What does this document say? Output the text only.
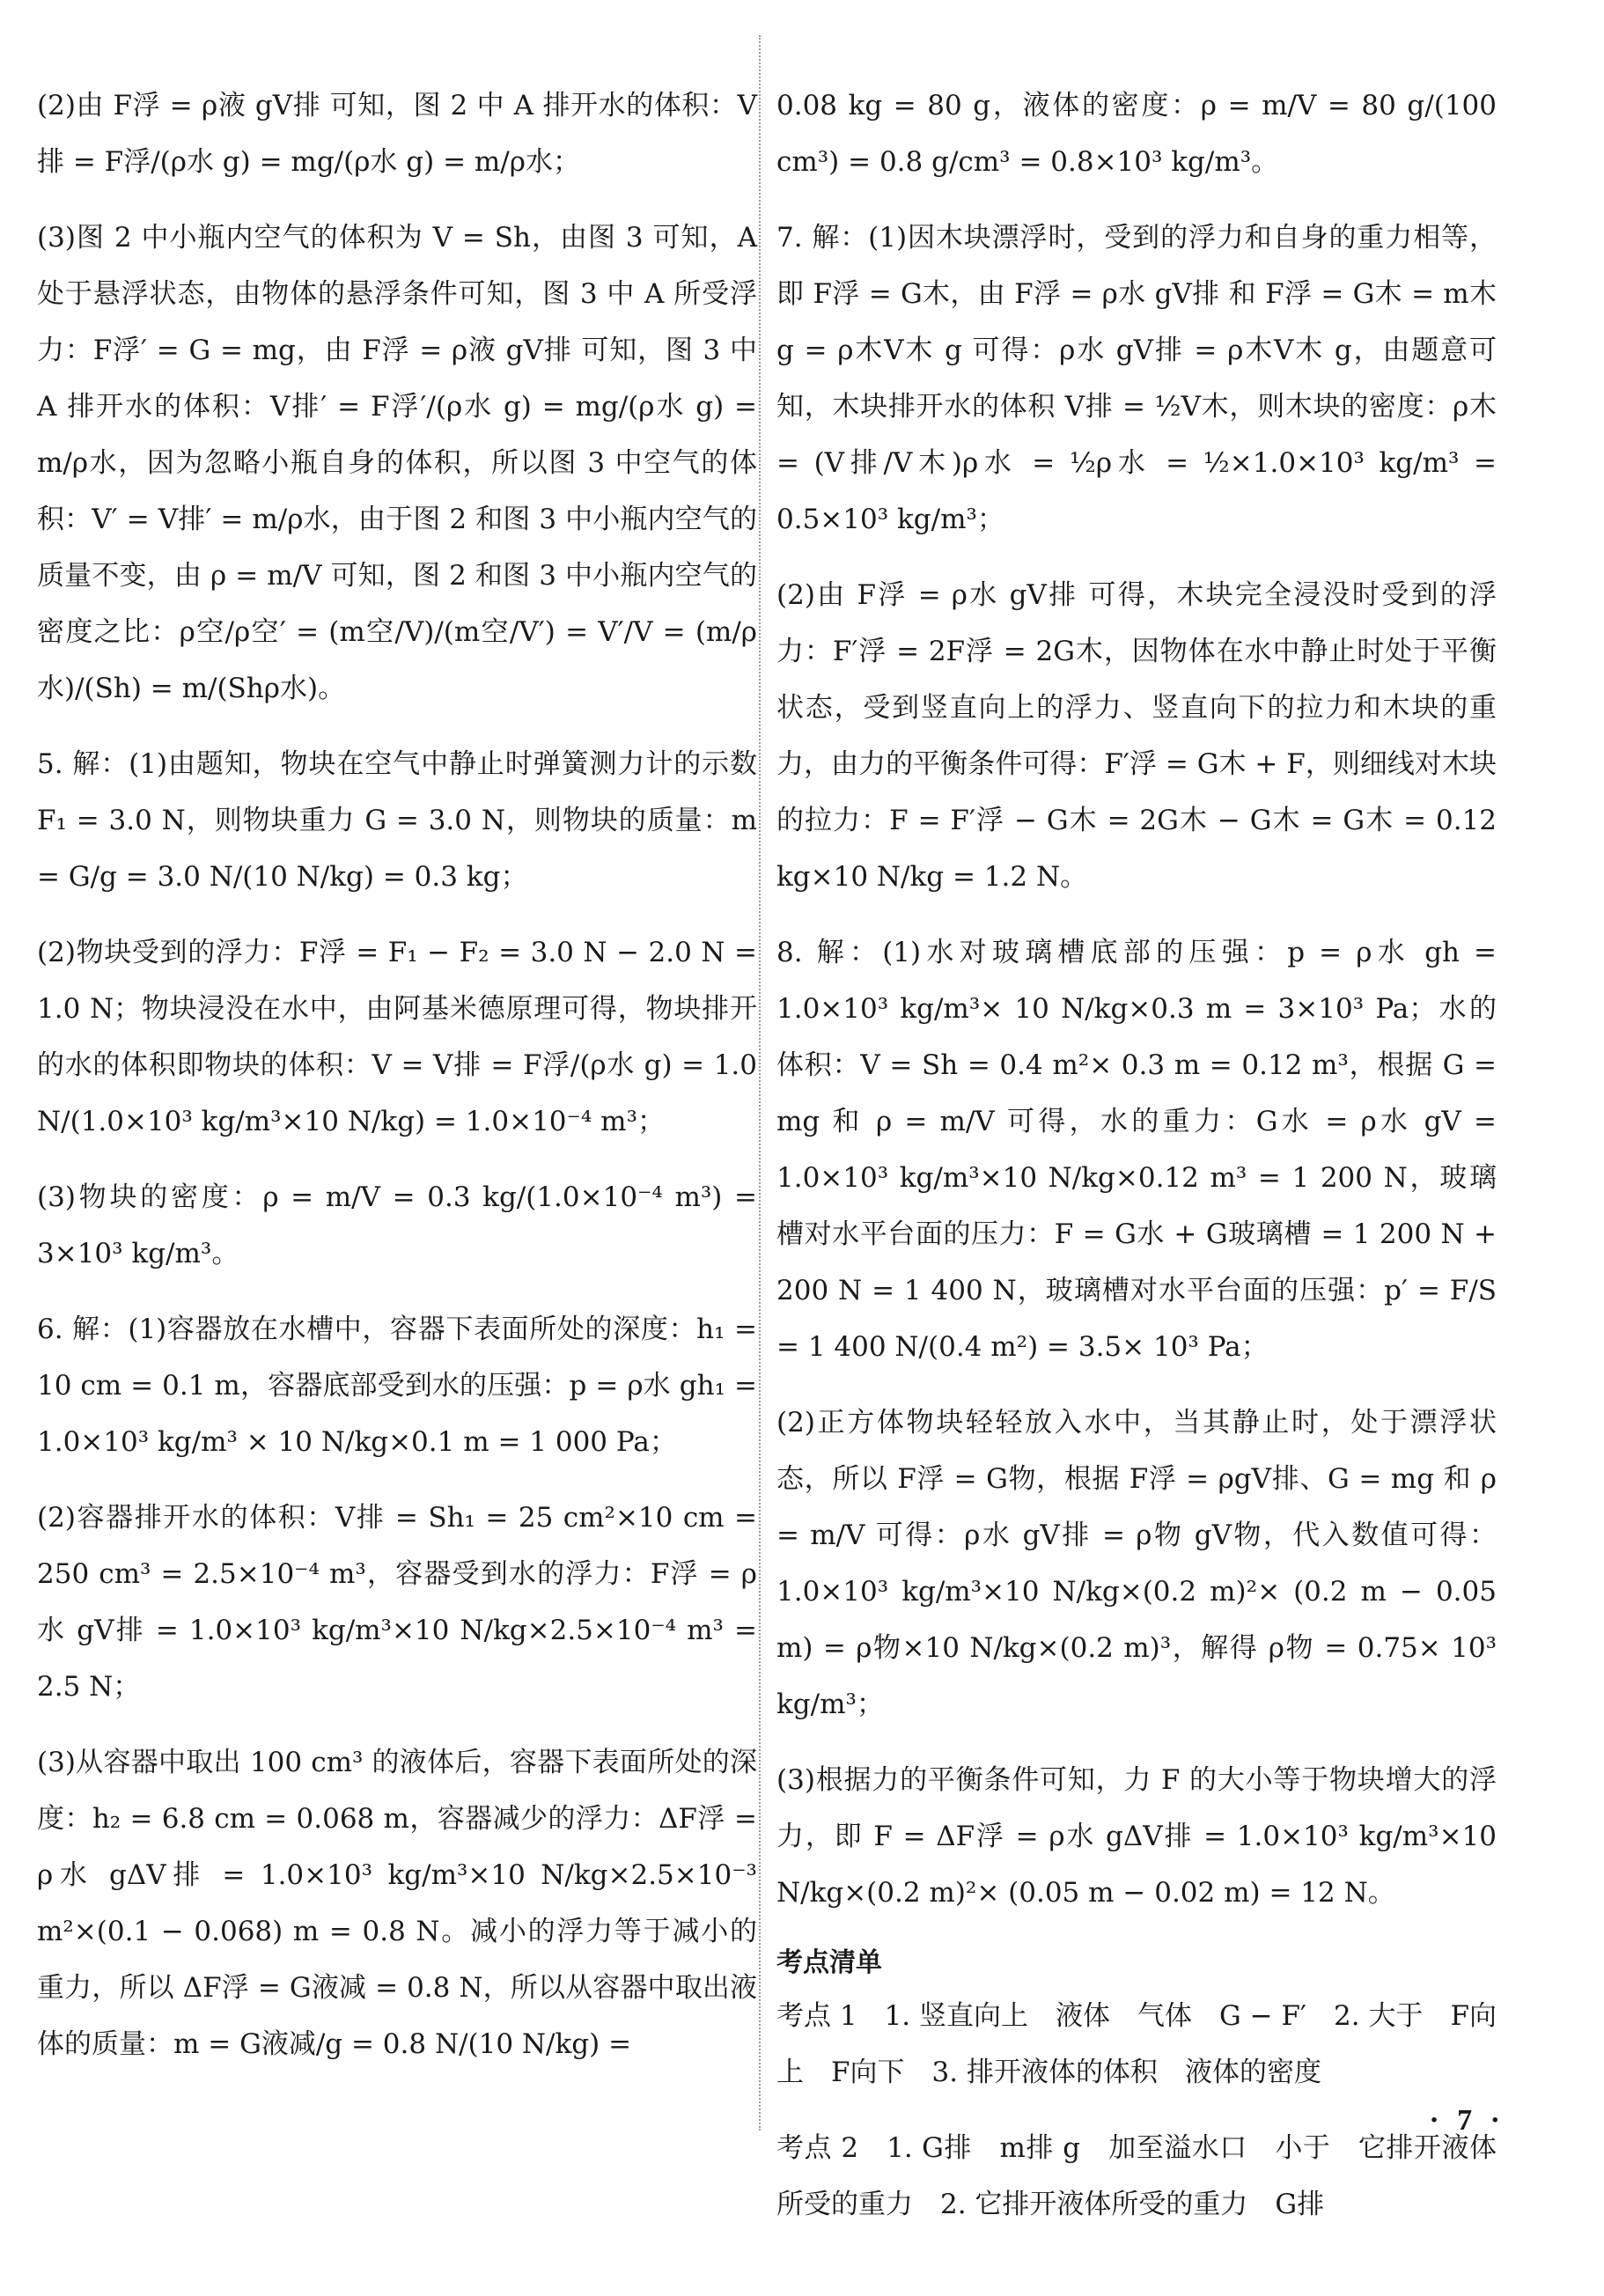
(2)由 F浮 = ρ液 gV排 可知，图 2 中 A 排开水的体积：V排 = F浮/(ρ水 g) = mg/(ρ水 g) = m/ρ水；

(3)图 2 中小瓶内空气的体积为 V = Sh，由图 3 可知，A 处于悬浮状态，由物体的悬浮条件可知，图 3 中 A 所受浮力：F浮′ = G = mg，由 F浮 = ρ液 gV排 可知，图 3 中 A 排开水的体积：V排′ = F浮′/(ρ水 g) = mg/(ρ水 g) = m/ρ水，因为忽略小瓶自身的体积，所以图 3 中空气的体积：V′ = V排′ = m/ρ水，由于图 2 和图 3 中小瓶内空气的质量不变，由 ρ = m/V 可知，图 2 和图 3 中小瓶内空气的密度之比：ρ空/ρ空′ = (m空/V)/(m空/V′) = V′/V = (m/ρ水)/(Sh) = m/(Shρ水)。

5. 解：(1)由题知，物块在空气中静止时弹簧测力计的示数 F₁ = 3.0 N，则物块重力 G = 3.0 N，则物块的质量：m = G/g = 3.0 N/(10 N/kg) = 0.3 kg；

(2)物块受到的浮力：F浮 = F₁ − F₂ = 3.0 N − 2.0 N = 1.0 N；物块浸没在水中，由阿基米德原理可得，物块排开的水的体积即物块的体积：V = V排 = F浮/(ρ水 g) = 1.0 N/(1.0×10³ kg/m³×10 N/kg) = 1.0×10⁻⁴ m³；

(3)物块的密度：ρ = m/V = 0.3 kg/(1.0×10⁻⁴ m³) = 3×10³ kg/m³。

6. 解：(1)容器放在水槽中，容器下表面所处的深度：h₁ = 10 cm = 0.1 m，容器底部受到水的压强：p = ρ水 gh₁ = 1.0×10³ kg/m³ × 10 N/kg×0.1 m = 1 000 Pa；

(2)容器排开水的体积：V排 = Sh₁ = 25 cm²×10 cm = 250 cm³ = 2.5×10⁻⁴ m³，容器受到水的浮力：F浮 = ρ水 gV排 = 1.0×10³ kg/m³×10 N/kg×2.5×10⁻⁴ m³ = 2.5 N；

(3)从容器中取出 100 cm³ 的液体后，容器下表面所处的深度：h₂ = 6.8 cm = 0.068 m，容器减少的浮力：ΔF浮 = ρ水 gΔV排 = 1.0×10³ kg/m³×10 N/kg×2.5×10⁻³ m²×(0.1 − 0.068) m = 0.8 N。减小的浮力等于减小的重力，所以 ΔF浮 = G液减 = 0.8 N，所以从容器中取出液体的质量：m = G液减/g = 0.8 N/(10 N/kg) =

0.08 kg = 80 g，液体的密度：ρ = m/V = 80 g/(100 cm³) = 0.8 g/cm³ = 0.8×10³ kg/m³。

7. 解：(1)因木块漂浮时，受到的浮力和自身的重力相等，即 F浮 = G木，由 F浮 = ρ水 gV排 和 F浮 = G木 = m木 g = ρ木V木 g 可得：ρ水 gV排 = ρ木V木 g，由题意可知，木块排开水的体积 V排 = ½V木，则木块的密度：ρ木 = (V排/V木)ρ水 = ½ρ水 = ½×1.0×10³ kg/m³ = 0.5×10³ kg/m³；

(2)由 F浮 = ρ水 gV排 可得，木块完全浸没时受到的浮力：F′浮 = 2F浮 = 2G木，因物体在水中静止时处于平衡状态，受到竖直向上的浮力、竖直向下的拉力和木块的重力，由力的平衡条件可得：F′浮 = G木 + F，则细线对木块的拉力：F = F′浮 − G木 = 2G木 − G木 = G木 = 0.12 kg×10 N/kg = 1.2 N。

8. 解：(1)水对玻璃槽底部的压强：p = ρ水 gh = 1.0×10³ kg/m³× 10 N/kg×0.3 m = 3×10³ Pa；水的体积：V = Sh = 0.4 m²× 0.3 m = 0.12 m³，根据 G = mg 和 ρ = m/V 可得，水的重力：G水 = ρ水 gV = 1.0×10³ kg/m³×10 N/kg×0.12 m³ = 1 200 N，玻璃槽对水平台面的压力：F = G水 + G玻璃槽 = 1 200 N + 200 N = 1 400 N，玻璃槽对水平台面的压强：p′ = F/S = 1 400 N/(0.4 m²) = 3.5× 10³ Pa；

(2)正方体物块轻轻放入水中，当其静止时，处于漂浮状态，所以 F浮 = G物，根据 F浮 = ρgV排、G = mg 和 ρ = m/V 可得：ρ水 gV排 = ρ物 gV物，代入数值可得：1.0×10³ kg/m³×10 N/kg×(0.2 m)²× (0.2 m − 0.05 m) = ρ物×10 N/kg×(0.2 m)³，解得 ρ物 = 0.75× 10³ kg/m³；

(3)根据力的平衡条件可知，力 F 的大小等于物块增大的浮力，即 F = ΔF浮 = ρ水 gΔV排 = 1.0×10³ kg/m³×10 N/kg×(0.2 m)²× (0.05 m − 0.02 m) = 12 N。

考点清单

考点 1　1. 竖直向上　液体　气体　G − F′　2. 大于　F向上　F向下　3. 排开液体的体积　液体的密度

考点 2　1. G排　m排 g　加至溢水口　小于　它排开液体所受的重力　2. 它排开液体所受的重力　G排

· 7 ·
